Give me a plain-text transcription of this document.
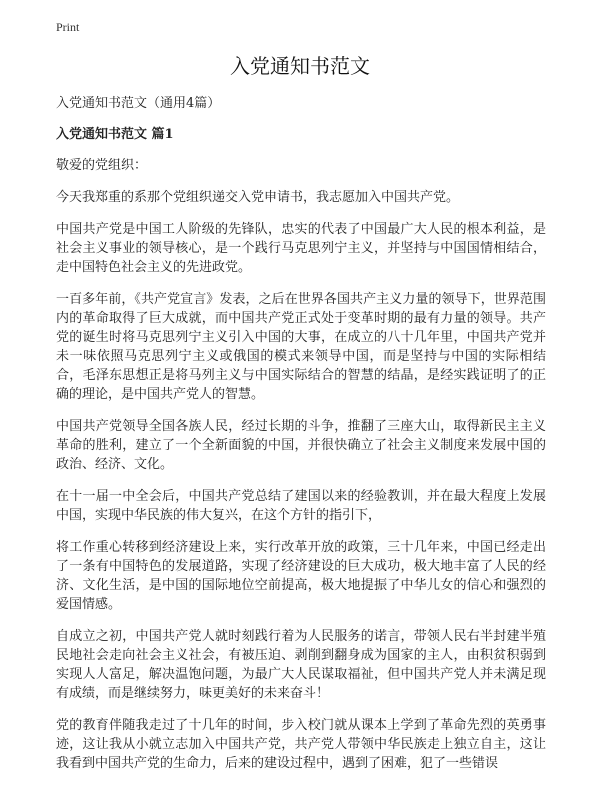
Print
入党通知书范文

入党通知书范文（通用4篇）

入党通知书范文 篇1

敬爱的党组织：

今天我郑重的系那个党组织递交入党申请书，我志愿加入中国共产党。

中国共产党是中国工人阶级的先锋队，忠实的代表了中国最广大人民的根本利益，是社会主义事业的领导核心，是一个践行马克思列宁主义，并坚持与中国国情相结合，走中国特色社会主义的先进政党。

一百多年前，《共产党宣言》发表，之后在世界各国共产主义力量的领导下，世界范围内的革命取得了巨大成就，而中国共产党正式处于变革时期的最有力量的领导。共产党的诞生时将马克思列宁主义引入中国的大事，在成立的八十几年里，中国共产党并未一味依照马克思列宁主义或俄国的模式来领导中国，而是坚持与中国的实际相结合，毛泽东思想正是将马列主义与中国实际结合的智慧的结晶，是经实践证明了的正确的理论，是中国共产党人的智慧。

中国共产党领导全国各族人民，经过长期的斗争，推翻了三座大山，取得新民主主义革命的胜利，建立了一个全新面貌的中国，并很快确立了社会主义制度来发展中国的政治、经济、文化。

在十一届一中全会后，中国共产党总结了建国以来的经验教训，并在最大程度上发展中国，实现中华民族的伟大复兴，在这个方针的指引下，

将工作重心转移到经济建设上来，实行改革开放的政策，三十几年来，中国已经走出了一条有中国特色的发展道路，实现了经济建设的巨大成功，极大地丰富了人民的经济、文化生活，是中国的国际地位空前提高，极大地提振了中华儿女的信心和强烈的爱国情感。

自成立之初，中国共产党人就时刻践行着为人民服务的诺言，带领人民右半封建半殖民地社会走向社会主义社会，有被压迫、剥削到翻身成为国家的主人，由积贫积弱到实现人人富足，解决温饱问题，为最广大人民谋取福祉，但中国共产党人并未满足现有成绩，而是继续努力，味更美好的未来奋斗！

党的教育伴随我走过了十几年的时间，步入校门就从课本上学到了革命先烈的英勇事迹，这让我从小就立志加入中国共产党，共产党人带领中华民族走上独立自主，这让我看到中国共产党的生命力，后来的建设过程中，遇到了困难，犯了一些错误
